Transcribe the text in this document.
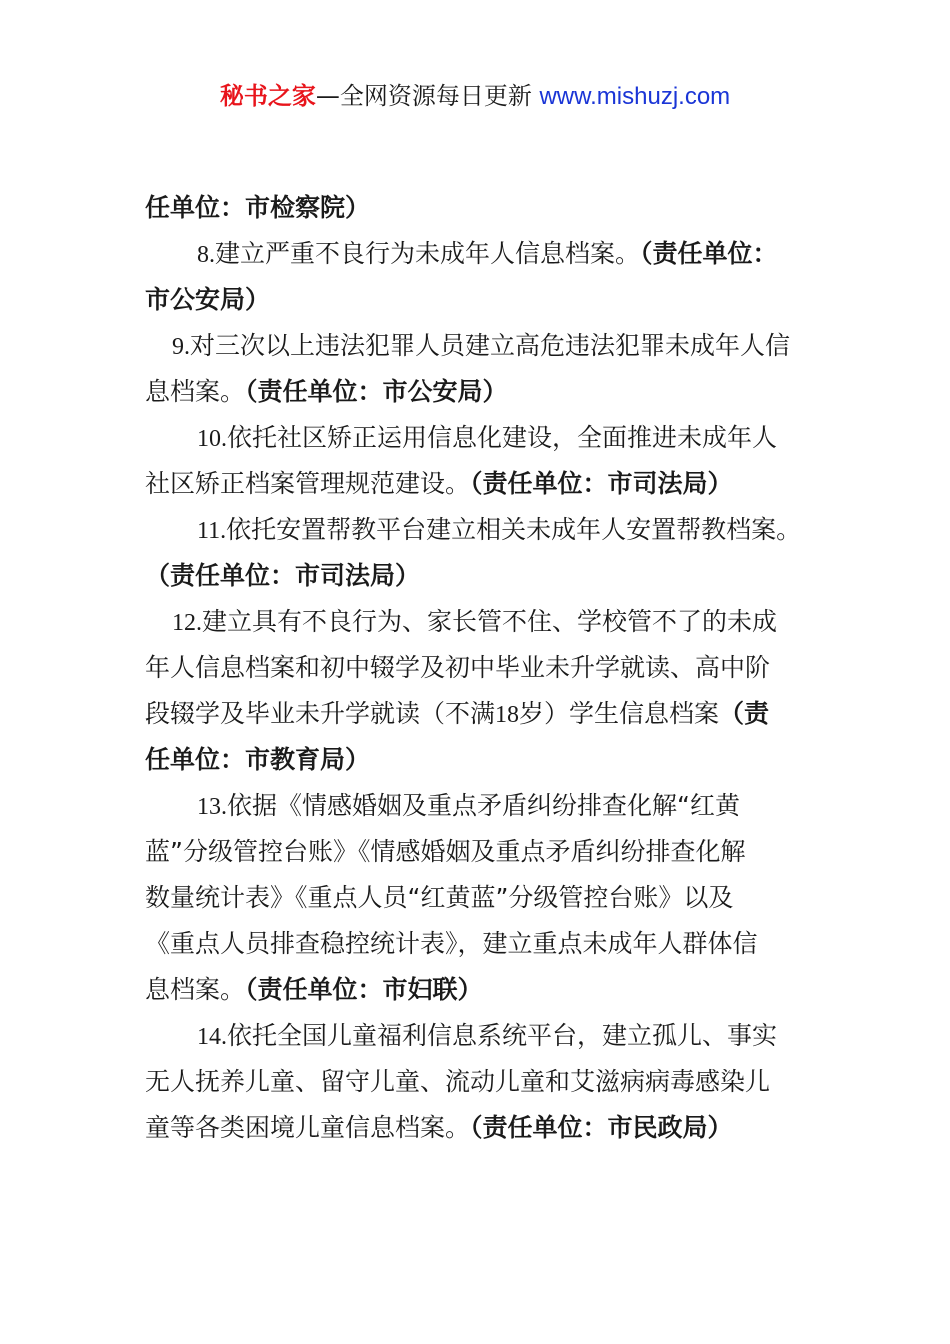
秘书之家—全网资源每日更新 www.mishuzj.com
任单位：市检察院）
8.建立严重不良行为未成年人信息档案。（责任单位：
市公安局）
9.对三次以上违法犯罪人员建立高危违法犯罪未成年人信
息档案。（责任单位：市公安局）
10.依托社区矫正运用信息化建设，全面推进未成年人
社区矫正档案管理规范建设。（责任单位：市司法局）
11.依托安置帮教平台建立相关未成年人安置帮教档案。
（责任单位：市司法局）
12.建立具有不良行为、家长管不住、学校管不了的未成
年人信息档案和初中辍学及初中毕业未升学就读、高中阶
段辍学及毕业未升学就读（不满18岁）学生信息档案（责
任单位：市教育局）
13.依据《情感婚姻及重点矛盾纠纷排查化解“红黄
蓝”分级管控台账》《情感婚姻及重点矛盾纠纷排查化解
数量统计表》《重点人员“红黄蓝”分级管控台账》以及
《重点人员排查稳控统计表》，建立重点未成年人群体信
息档案。（责任单位：市妇联）
14.依托全国儿童福利信息系统平台，建立孤儿、事实
无人抚养儿童、留守儿童、流动儿童和艾滋病病毒感染儿
童等各类困境儿童信息档案。（责任单位：市民政局）
